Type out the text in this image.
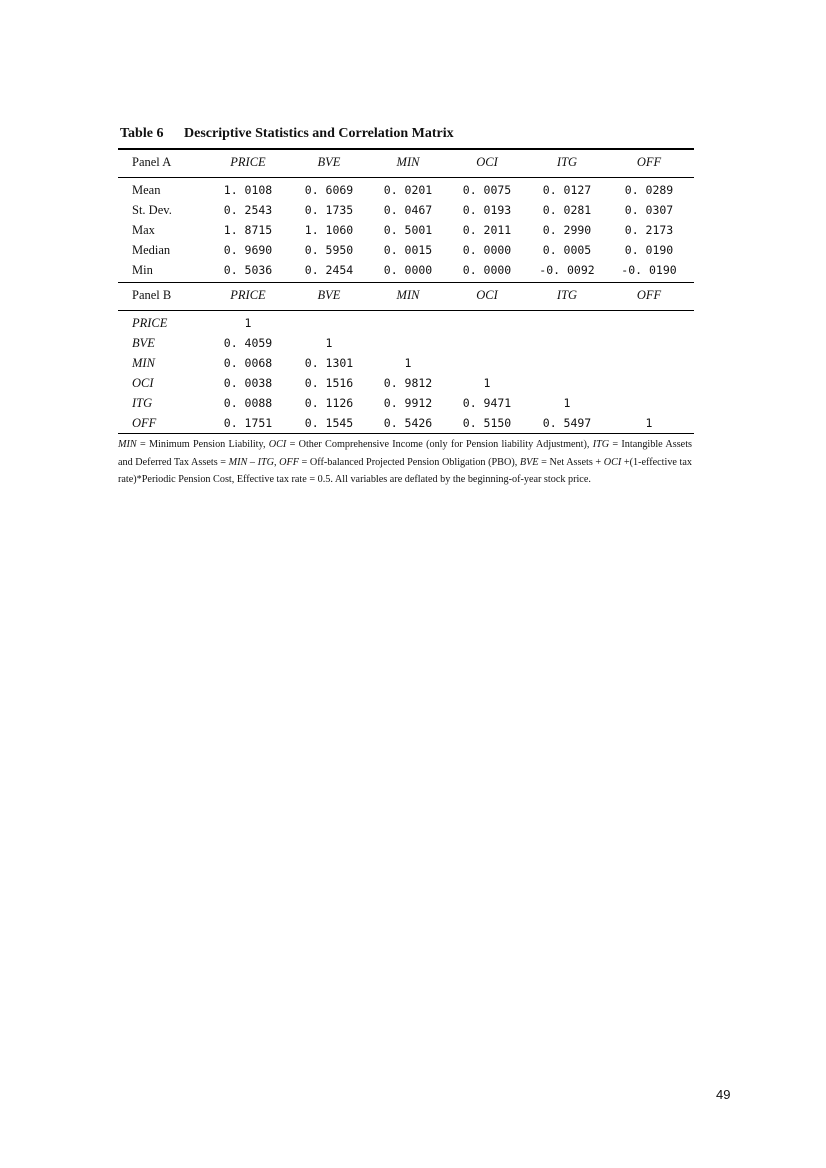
Table 6 Descriptive Statistics and Correlation Matrix
Panel A	PRICE	BVE	MIN	OCI	ITG	OFF
Mean	1. 0108	0. 6069	0. 0201	0. 0075	0. 0127	0. 0289
St. Dev.	0. 2543	0. 1735	0. 0467	0. 0193	0. 0281	0. 0307
Max	1. 8715	1. 1060	0. 5001	0. 2011	0. 2990	0. 2173
Median	0. 9690	0. 5950	0. 0015	0. 0000	0. 0005	0. 0190
Min	0. 5036	0. 2454	0. 0000	0. 0000	-0. 0092	-0. 0190
Panel B	PRICE	BVE	MIN	OCI	ITG	OFF
PRICE	1
BVE	0. 4059	1
MIN	0. 0068	0. 1301	1
OCI	0. 0038	0. 1516	0. 9812	1
ITG	0. 0088	0. 1126	0. 9912	0. 9471	1
OFF	0. 1751	0. 1545	0. 5426	0. 5150	0. 5497	1

MIN = Minimum Pension Liability, OCI = Other Comprehensive Income (only for Pension liability Adjustment), ITG = Intangible Assets and Deferred Tax Assets = MIN – ITG, OFF = Off-balanced Projected Pension Obligation (PBO), BVE = Net Assets + OCI +(1-effective tax rate)*Periodic Pension Cost, Effective tax rate = 0.5. All variables are deflated by the beginning-of-year stock price.

49
